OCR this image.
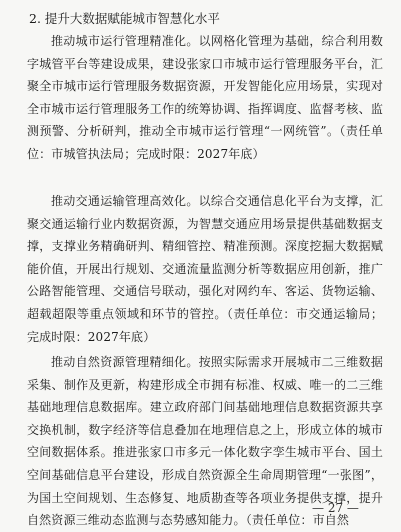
2. 提升大数据赋能城市智慧化水平

推动城市运行管理精准化。以网格化管理为基础，综合利用数字城管平台等建设成果，建设张家口市城市运行管理服务平台，汇聚全市城市运行管理服务数据资源，开发智能化应用场景，实现对全市城市运行管理服务工作的统筹协调、指挥调度、监督考核、监测预警、分析研判，推动全市城市运行管理“一网统管”。（责任单位：市城管执法局；完成时限：2027年底）

推动交通运输管理高效化。以综合交通信息化平台为支撑，汇聚交通运输行业内数据资源，为智慧交通应用场景提供基础数据支撑，支撑业务精确研判、精细管控、精准预测。深度挖掘大数据赋能价值，开展出行规划、交通流量监测分析等数据应用创新，推广公路智能管理、交通信号联动，强化对网约车、客运、货物运输、超载超限等重点领域和环节的管控。（责任单位：市交通运输局；完成时限：2027年底）

推动自然资源管理精细化。按照实际需求开展城市二三维数据采集、制作及更新，构建形成全市拥有标准、权威、唯一的二三维基础地理信息数据库。建立政府部门间基础地理信息数据资源共享交换机制，数字经济等信息叠加在地理信息之上，形成立体的城市空间数据体系。推进张家口市多元一体化数字孪生城市平台、国土空间基础信息平台建设，形成自然资源全生命周期管理“一张图”，为国土空间规划、生态修复、地质勘查等各项业务提供支撑，提升自然资源三维动态监测与态势感知能力。（责任单位：市自然

— 27 —
